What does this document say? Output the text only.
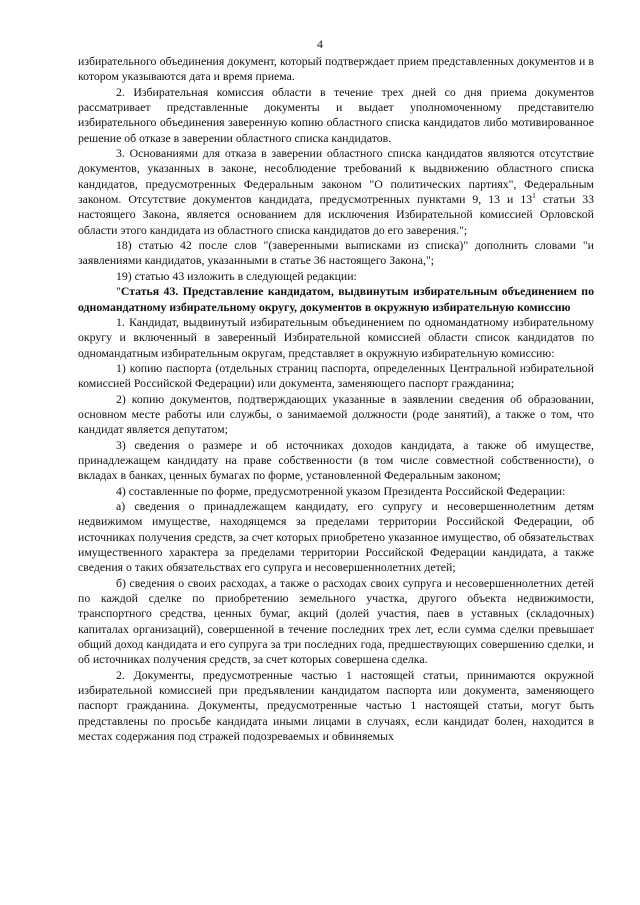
4

избирательного объединения документ, который подтверждает прием представленных документов и в котором указываются дата и время приема.

2. Избирательная комиссия области в течение трех дней со дня приема документов рассматривает представленные документы и выдает уполномоченному представителю избирательного объединения заверенную копию областного списка кандидатов либо мотивированное решение об отказе в заверении областного списка кандидатов.

3. Основаниями для отказа в заверении областного списка кандидатов являются отсутствие документов, указанных в законе, несоблюдение требований к выдвижению областного списка кандидатов, предусмотренных Федеральным законом "О политических партиях", Федеральным законом. Отсутствие документов кандидата, предусмотренных пунктами 9, 13 и $13^1$ статьи 33 настоящего Закона, является основанием для исключения Избирательной комиссией Орловской области этого кандидата из областного списка кандидатов до его заверения.";

18) статью 42 после слов "(заверенными выписками из списка)" дополнить словами "и заявлениями кандидатов, указанными в статье 36 настоящего Закона,";

19) статью 43 изложить в следующей редакции:

"Статья 43. Представление кандидатом, выдвинутым избирательным объединением по одномандатному избирательному округу, документов в окружную избирательную комиссию

1. Кандидат, выдвинутый избирательным объединением по одномандатному избирательному округу и включенный в заверенный Избирательной комиссией области список кандидатов по одномандатным избирательным округам, представляет в окружную избирательную комиссию:

1) копию паспорта (отдельных страниц паспорта, определенных Центральной избирательной комиссией Российской Федерации) или документа, заменяющего паспорт гражданина;

2) копию документов, подтверждающих указанные в заявлении сведения об образовании, основном месте работы или службы, о занимаемой должности (роде занятий), а также о том, что кандидат является депутатом;

3) сведения о размере и об источниках доходов кандидата, а также об имуществе, принадлежащем кандидату на праве собственности (в том числе совместной собственности), о вкладах в банках, ценных бумагах по форме, установленной Федеральным законом;

4) составленные по форме, предусмотренной указом Президента Российской Федерации:

а) сведения о принадлежащем кандидату, его супругу и несовершеннолетним детям недвижимом имуществе, находящемся за пределами территории Российской Федерации, об источниках получения средств, за счет которых приобретено указанное имущество, об обязательствах имущественного характера за пределами территории Российской Федерации кандидата, а также сведения о таких обязательствах его супруга и несовершеннолетних детей;

б) сведения о своих расходах, а также о расходах своих супруга и несовершеннолетних детей по каждой сделке по приобретению земельного участка, другого объекта недвижимости, транспортного средства, ценных бумаг, акций (долей участия, паев в уставных (складочных) капиталах организаций), совершенной в течение последних трех лет, если сумма сделки превышает общий доход кандидата и его супруга за три последних года, предшествующих совершению сделки, и об источниках получения средств, за счет которых совершена сделка.

2. Документы, предусмотренные частью 1 настоящей статьи, принимаются окружной избирательной комиссией при предъявлении кандидатом паспорта или документа, заменяющего паспорт гражданина. Документы, предусмотренные частью 1 настоящей статьи, могут быть представлены по просьбе кандидата иными лицами в случаях, если кандидат болен, находится в местах содержания под стражей подозреваемых и обвиняемых
